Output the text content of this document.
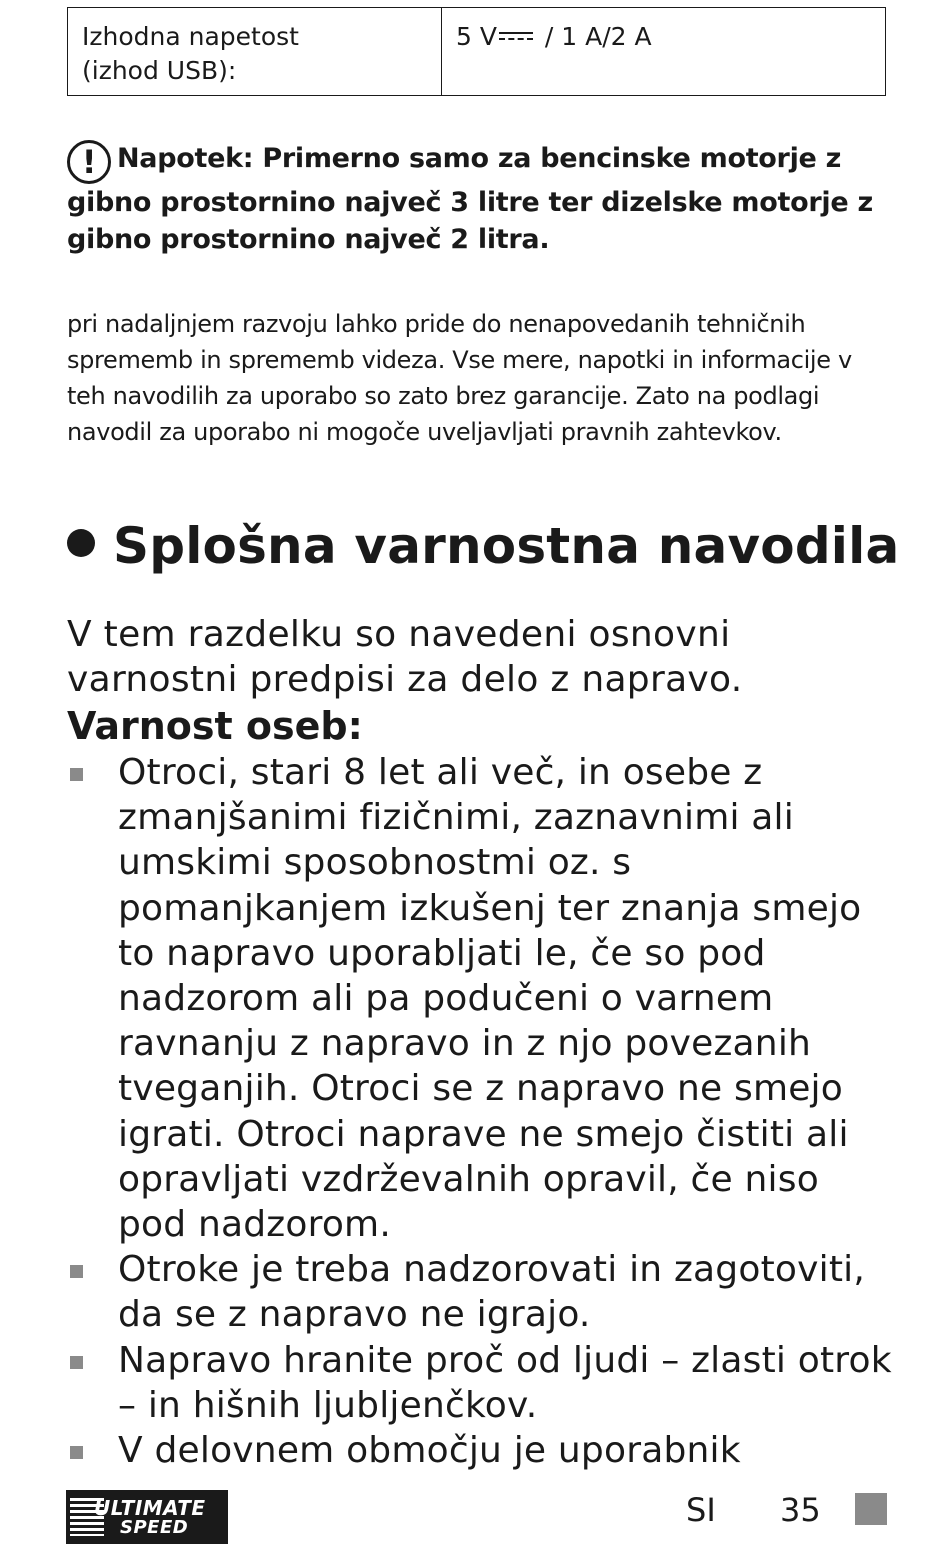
Izhodna napetost
(izhod USB):
5 V / 1 A/2 A
! Napotek: Primerno samo za bencinske motorje z gibno prostornino največ 3 litre ter dizelske motorje z gibno prostornino največ 2 litra.
pri nadaljnjem razvoju lahko pride do nenapovedanih tehničnih sprememb in sprememb videza. Vse mere, napotki in informacije v teh navodilih za uporabo so zato brez garancije. Zato na podlagi navodil za uporabo ni mogoče uveljavljati pravnih zahtevkov.
Splošna varnostna navodila
V tem razdelku so navedeni osnovni varnostni predpisi za delo z napravo.
Varnost oseb:
Otroci, stari 8 let ali več, in osebe z zmanjšanimi fizičnimi, zaznavnimi ali umskimi sposobnostmi oz. s pomanjkanjem izkušenj ter znanja smejo to napravo uporabljati le, če so pod nadzorom ali pa podučeni o varnem ravnanju z napravo in z njo povezanih tveganjih. Otroci se z napravo ne smejo igrati. Otroci naprave ne smejo čistiti ali opravljati vzdrževalnih opravil, če niso pod nadzorom.
Otroke je treba nadzorovati in zagotoviti, da se z napravo ne igrajo.
Napravo hranite proč od ljudi – zlasti otrok – in hišnih ljubljenčkov.
V delovnem območju je uporabnik
ULTIMATE
SPEED	SI 35
